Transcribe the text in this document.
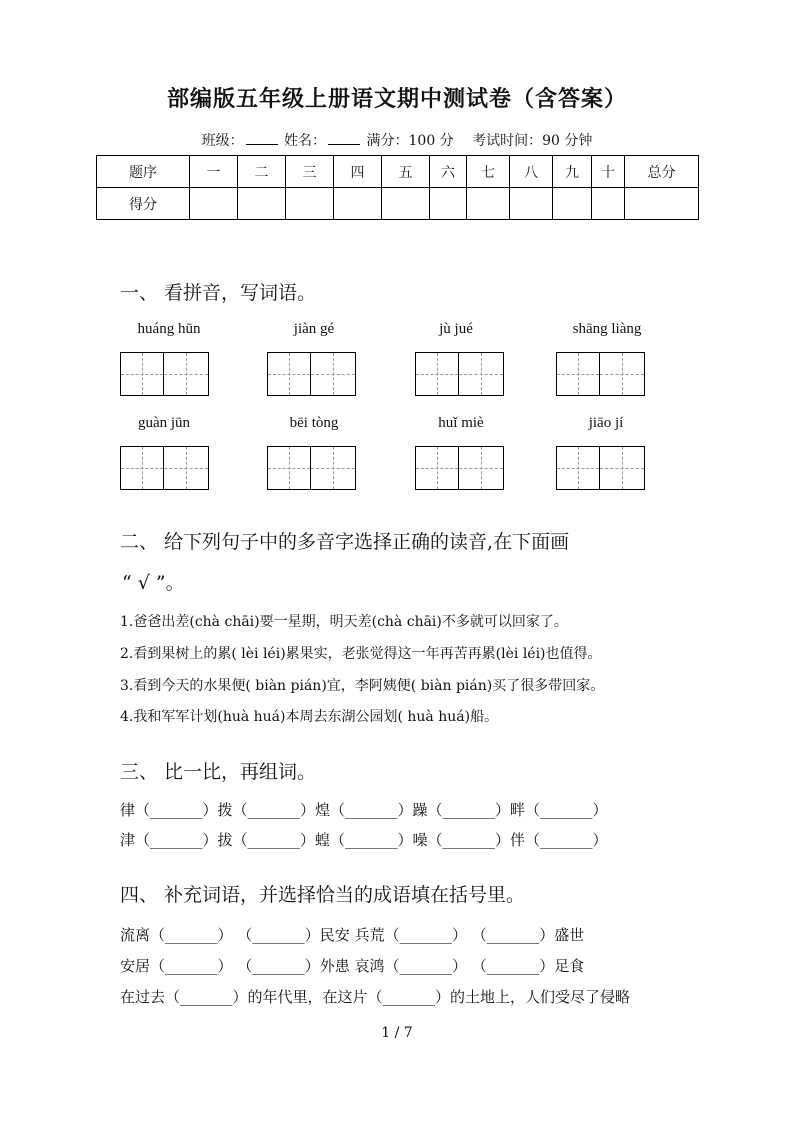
部编版五年级上册语文期中测试卷（含答案）
班级：	姓名：	满分：100 分 考试时间：90 分钟
题序	一	二	三	四	五	六	七	八	九	十	总分
得分											
一、 看拼音，写词语。
huáng hūn	jiàn gé	jù jué	shāng liàng
guàn jūn	bēi tòng	huǐ miè	jiāo jí
二、 给下列句子中的多音字选择正确的读音,在下面画
“ √ ”。
1.爸爸出差(chà chāi)要一星期，明天差(chà chāi)不多就可以回家了。
2.看到果树上的累( lèi léi)累果实，老张觉得这一年再苦再累(lèi léi)也值得。
3.看到今天的水果便( biàn pián)宜，李阿姨便( biàn pián)买了很多带回家。
4.我和军军计划(huà huá)本周去东湖公园划( huà huá)船。
三、 比一比，再组词。
律（_______）拨（_______）煌（_______）躁（_______）畔（_______）
津（_______）拔（_______）蝗（_______）噪（_______）伴（_______）
四、 补充词语，并选择恰当的成语填在括号里。
流离（_______） （_______）民安 兵荒（_______） （_______）盛世
安居（_______） （_______）外患 哀鸿（_______） （_______）足食
在过去（_______）的年代里，在这片（_______）的土地上，人们受尽了侵略
1 / 7
